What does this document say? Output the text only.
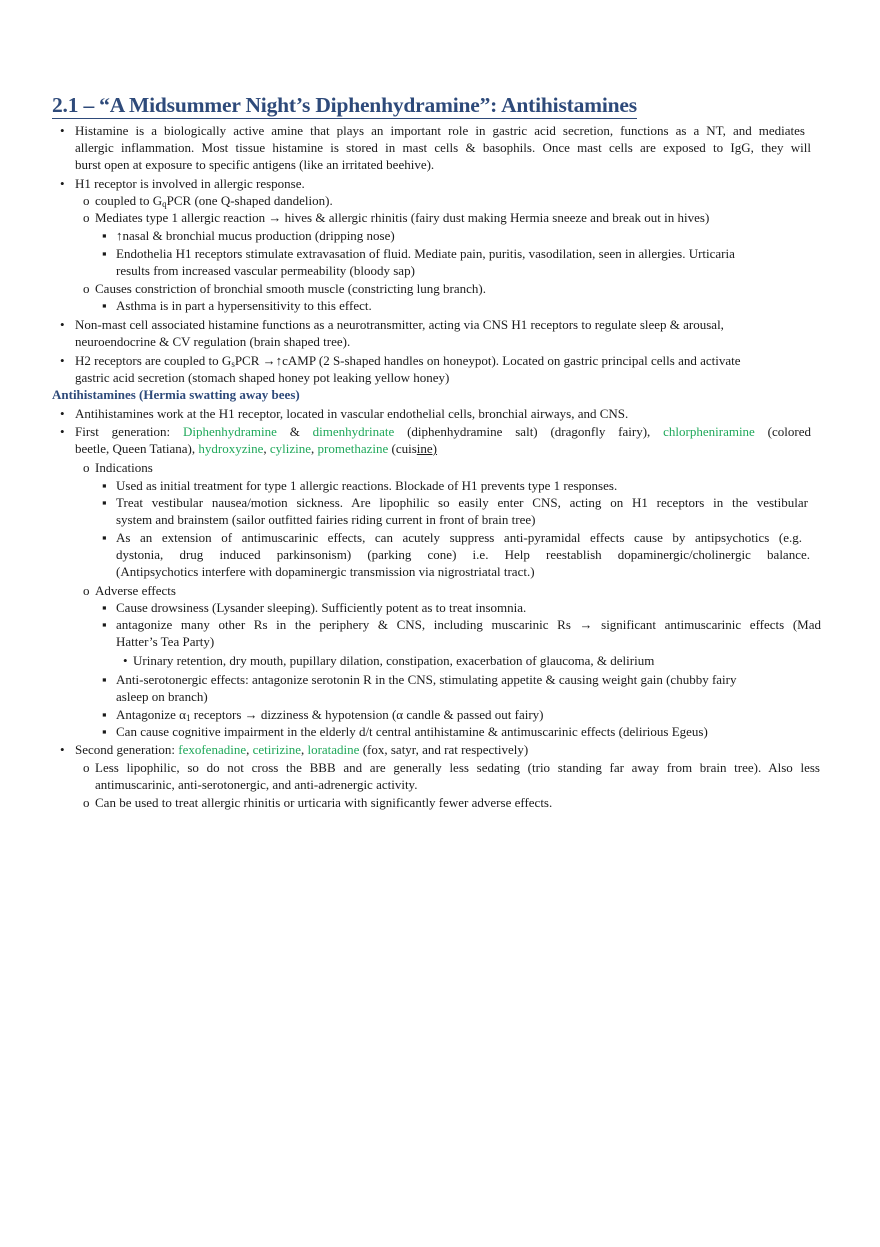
2.1 – “A Midsummer Night’s Diphenhydramine”: Antihistamines
• Histamine is a biologically active amine that plays an important role in gastric acid secretion, functions as a NT, and mediates
allergic inflammation. Most tissue histamine is stored in mast cells & basophils. Once mast cells are exposed to IgG, they will
burst open at exposure to specific antigens (like an irritated beehive).
• H1 receptor is involved in allergic response.
o coupled to $G_qPCR$ (one Q-shaped dandelion).
o Mediates type 1 allergic reaction → hives & allergic rhinitis (fairy dust making Hermia sneeze and break out in hives)
▪ ↑nasal & bronchial mucus production (dripping nose)
▪ Endothelia H1 receptors stimulate extravasation of fluid. Mediate pain, puritis, vasodilation, seen in allergies. Urticaria
results from increased vascular permeability (bloody sap)
o Causes constriction of bronchial smooth muscle (constricting lung branch).
▪ Asthma is in part a hypersensitivity to this effect.
• Non-mast cell associated histamine functions as a neurotransmitter, acting via CNS H1 receptors to regulate sleep & arousal,
neuroendocrine & CV regulation (brain shaped tree).
• H2 receptors are coupled to $G_sPCR$ →↑cAMP (2 S-shaped handles on honeypot). Located on gastric principal cells and activate
gastric acid secretion (stomach shaped honey pot leaking yellow honey)
Antihistamines (Hermia swatting away bees)
• Antihistamines work at the H1 receptor, located in vascular endothelial cells, bronchial airways, and CNS.
• First generation: Diphenhydramine & dimenhydrinate (diphenhydramine salt) (dragonfly fairy), chlorpheniramine (colored
beetle, Queen Tatiana), hydroxyzine, cylizine, promethazine (cuisine)
o Indications
▪ Used as initial treatment for type 1 allergic reactions. Blockade of H1 prevents type 1 responses.
▪ Treat vestibular nausea/motion sickness. Are lipophilic so easily enter CNS, acting on H1 receptors in the vestibular
system and brainstem (sailor outfitted fairies riding current in front of brain tree)
▪ As an extension of antimuscarinic effects, can acutely suppress anti-pyramidal effects cause by antipsychotics (e.g.
dystonia, drug induced parkinsonism) (parking cone) i.e. Help reestablish dopaminergic/cholinergic balance.
(Antipsychotics interfere with dopaminergic transmission via nigrostriatal tract.)
o Adverse effects
▪ Cause drowsiness (Lysander sleeping). Sufficiently potent as to treat insomnia.
▪ antagonize many other Rs in the periphery & CNS, including muscarinic Rs → significant antimuscarinic effects (Mad
Hatter’s Tea Party)
• Urinary retention, dry mouth, pupillary dilation, constipation, exacerbation of glaucoma, & delirium
▪ Anti-serotonergic effects: antagonize serotonin R in the CNS, stimulating appetite & causing weight gain (chubby fairy
asleep on branch)
▪ Antagonize $\alpha_1$ receptors → dizziness & hypotension (α candle & passed out fairy)
▪ Can cause cognitive impairment in the elderly d/t central antihistamine & antimuscarinic effects (delirious Egeus)
• Second generation: fexofenadine, cetirizine, loratadine (fox, satyr, and rat respectively)
o Less lipophilic, so do not cross the BBB and are generally less sedating (trio standing far away from brain tree). Also less
antimuscarinic, anti-serotonergic, and anti-adrenergic activity.
o Can be used to treat allergic rhinitis or urticaria with significantly fewer adverse effects.
